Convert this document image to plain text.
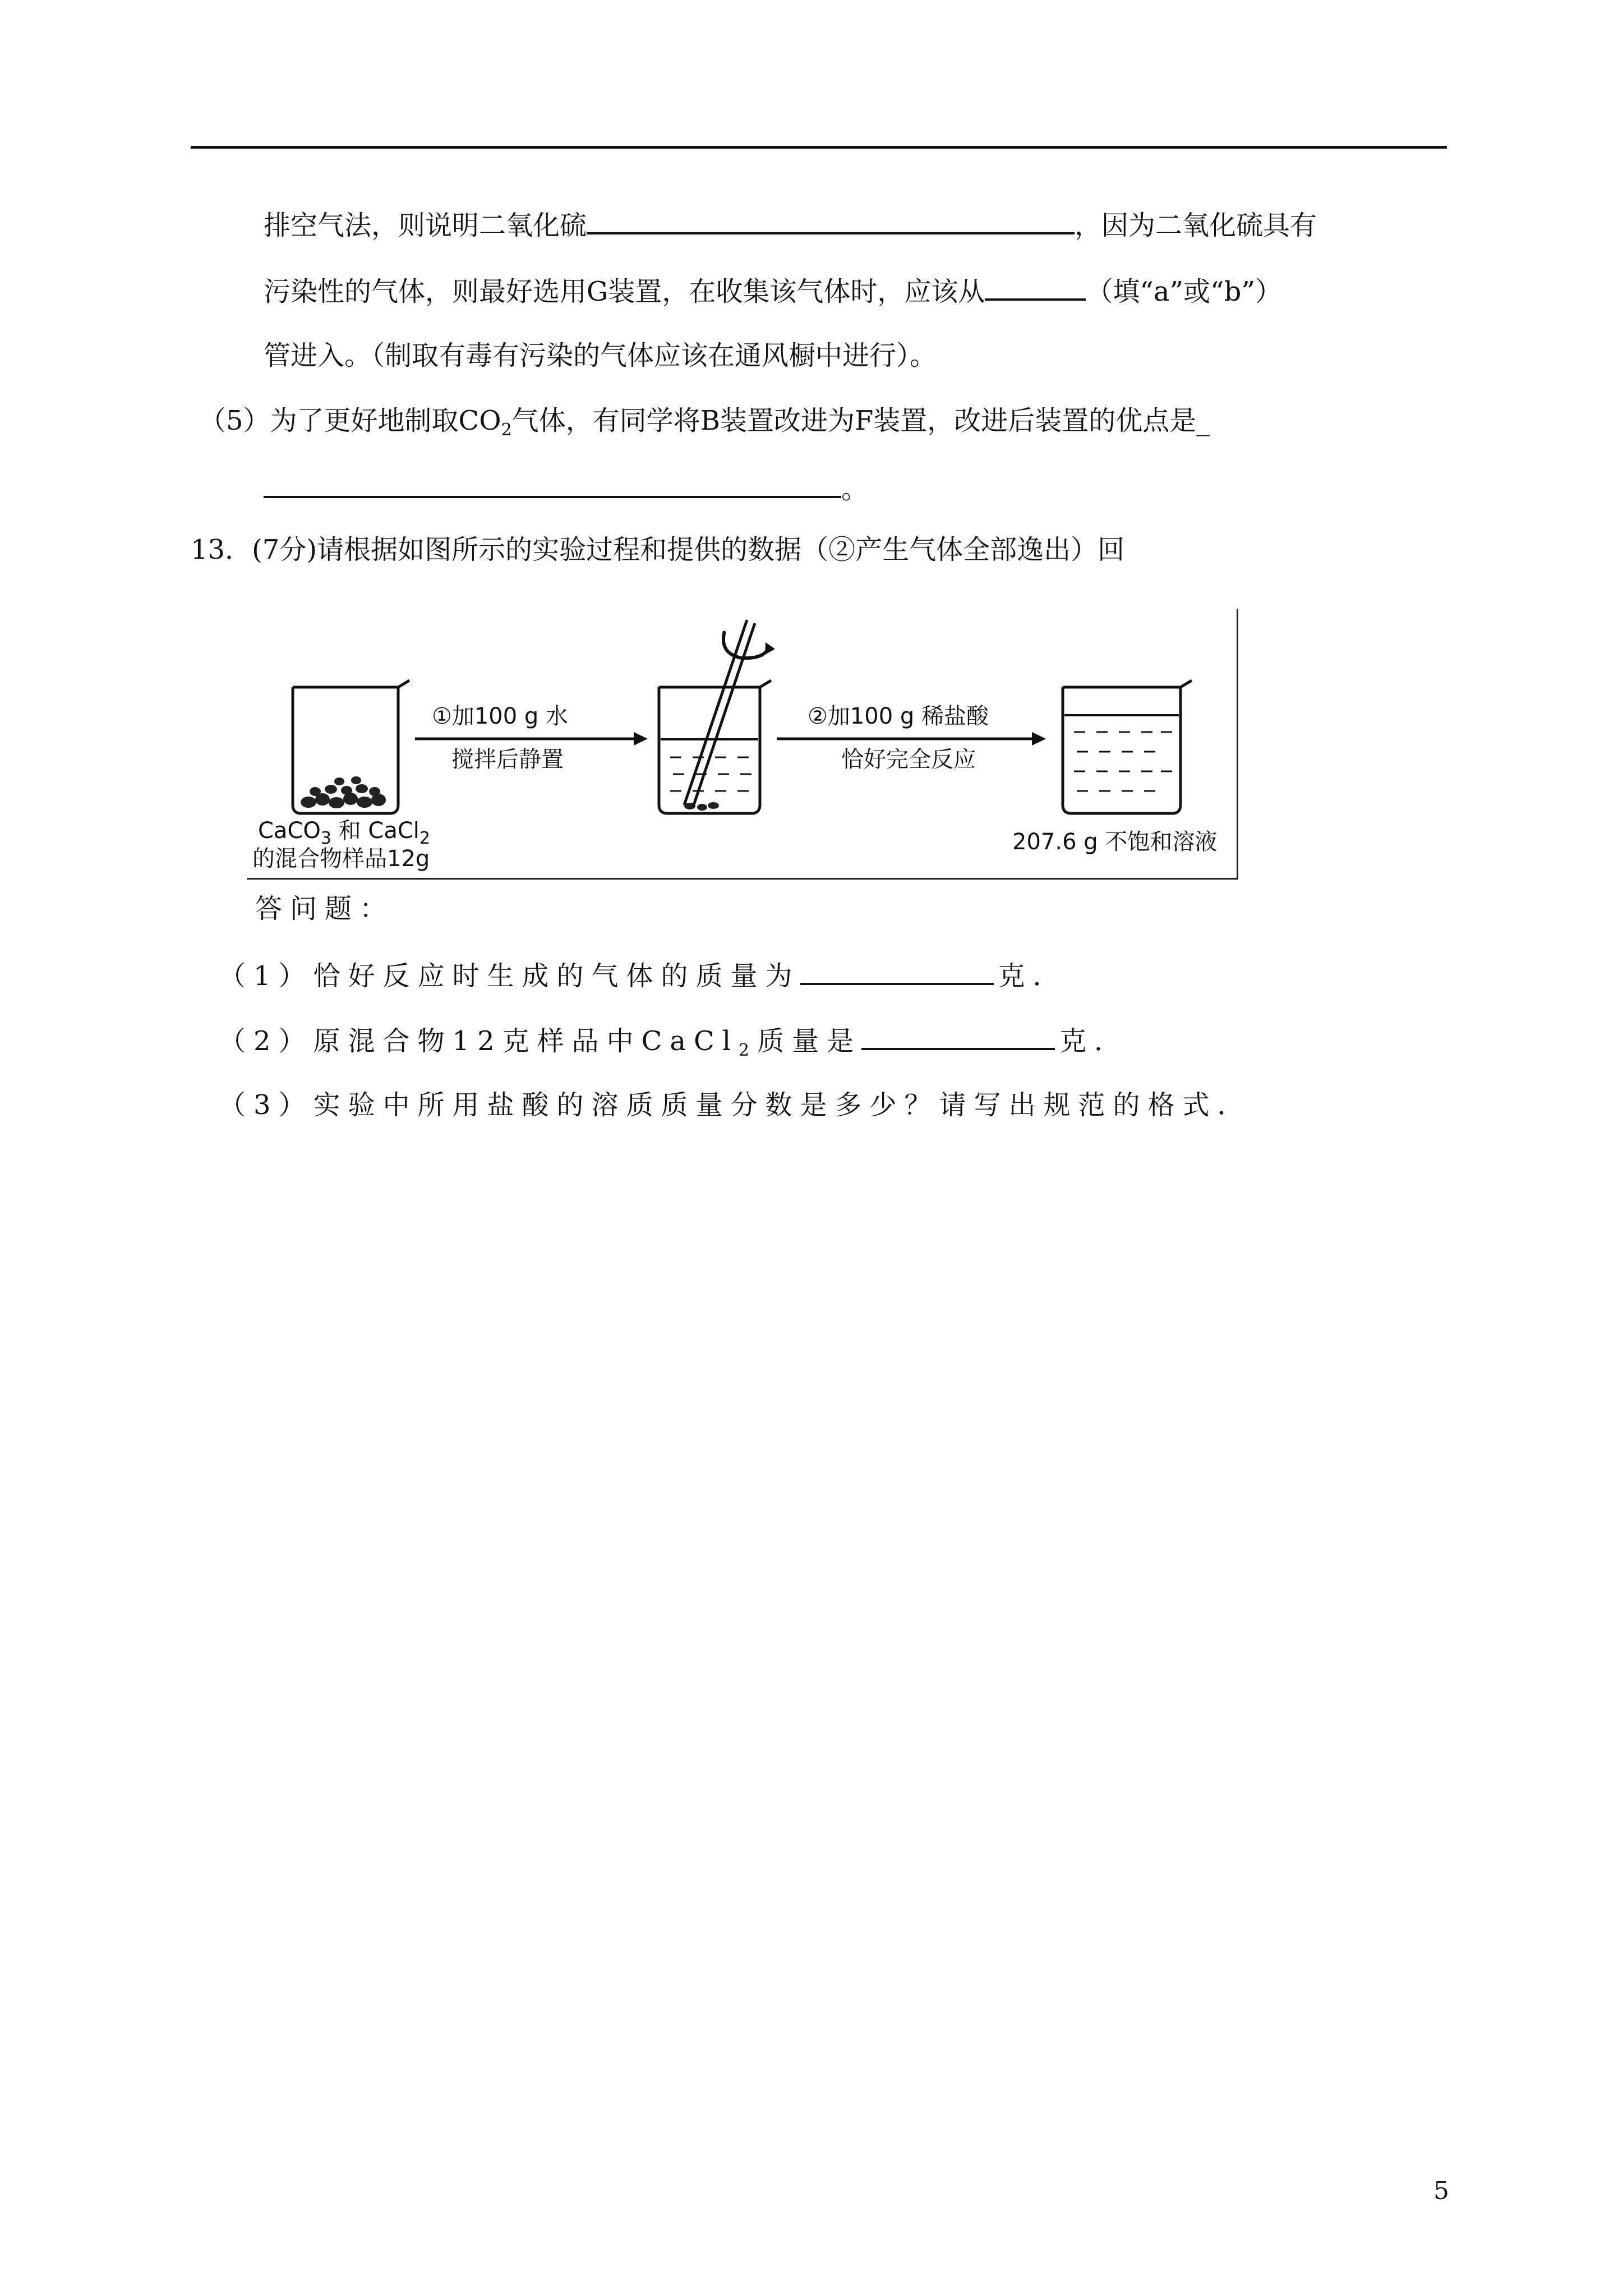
排空气法，则说明二氧化硫	，因为二氧化硫具有
污染性的气体，则最好选用G装置，在收集该气体时，应该从	（填“a”或“b”）
管进入。（制取有毒有污染的气体应该在通风橱中进行）。
（5）为了更好地制取$CO_2$气体，有同学将B装置改进为F装置，改进后装置的优点是_
。
13．(7分)请根据如图所示的实验过程和提供的数据（②产生气体全部逸出）回
①加100 g 水
搅拌后静置
②加100 g 稀盐酸
恰好完全反应
CaCO$_3$ 和 CaCl$_2$
的混合物样品12g
207.6 g 不饱和溶液
答问题：
（1）恰好反应时生成的气体的质量为	克．
（2）原混合物12克样品中CaCl$_2$质量是	克．
（3）实验中所用盐酸的溶质质量分数是多少？请写出规范的格式．
5
